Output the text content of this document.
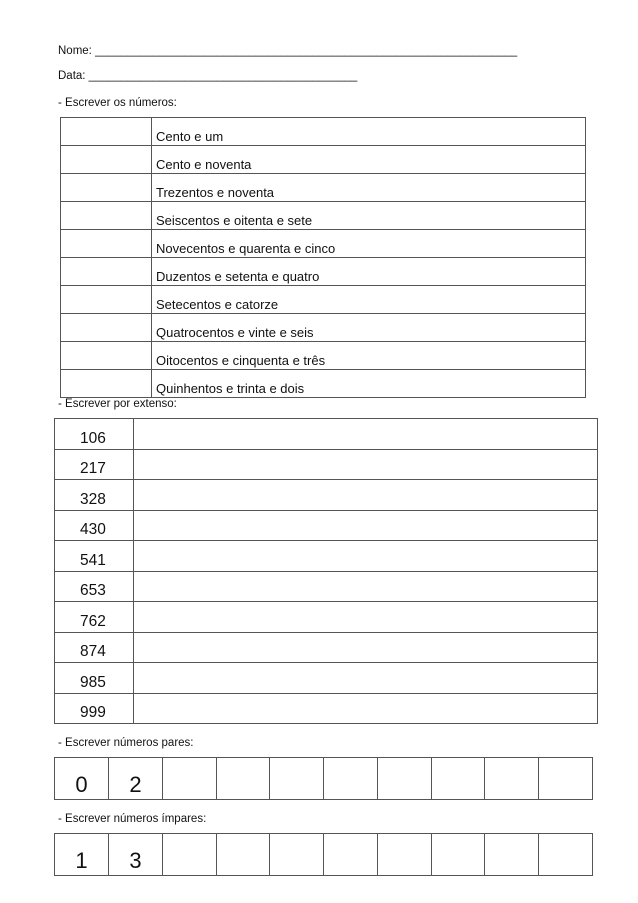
Nome: __________________________________________________________________
Data: __________________________________________
- Escrever os números:
	Cento e um
	Cento e noventa
	Trezentos e noventa
	Seiscentos e oitenta e sete
	Novecentos e quarenta e cinco
	Duzentos e setenta e quatro
	Setecentos e catorze
	Quatrocentos e vinte e seis
	Oitocentos e cinquenta e três
	Quinhentos e trinta e dois
- Escrever por extenso:
106	
217	
328	
430	
541	
653	
762	
874	
985	
999	
- Escrever números pares:
0	2								
- Escrever números ímpares:
1	3								
